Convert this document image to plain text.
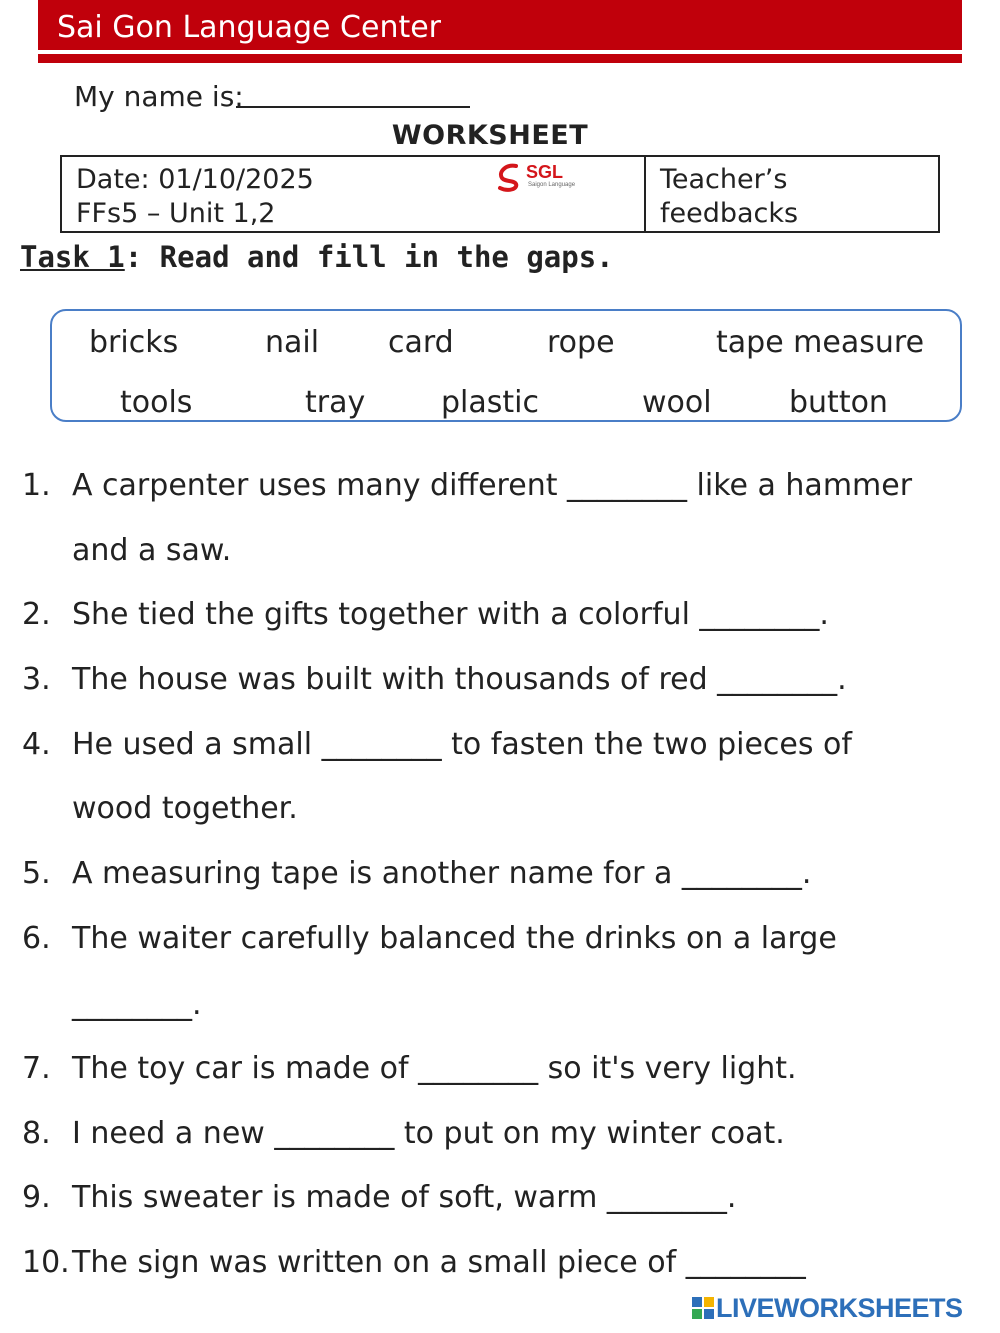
Sai Gon Language Center
My name is:
WORKSHEET
Date: 01/10/2025
FFs5 – Unit 1,2
SGL
Saigon Language	Teacher’s feedbacks
Task 1: Read and fill in the gaps.
bricks	nail card	rope	tape measure
tools	tray	plastic	wool	button
1. A carpenter uses many different ________ like a hammer
and a saw.
2. She tied the gifts together with a colorful ________.
3. The house was built with thousands of red ________.
4. He used a small ________ to fasten the two pieces of
wood together.
5. A measuring tape is another name for a ________.
6. The waiter carefully balanced the drinks on a large
________.
7. The toy car is made of ________ so it's very light.
8. I need a new ________ to put on my winter coat.
9. This sweater is made of soft, warm ________.
10. The sign was written on a small piece of ________
LIVEWORKSHEETS
